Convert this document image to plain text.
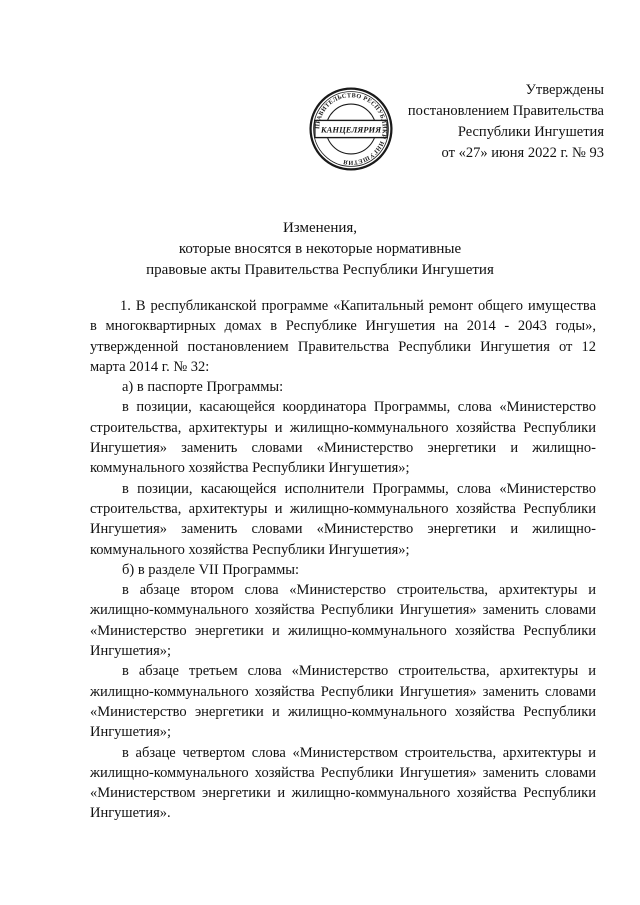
Утверждены
постановлением Правительства
Республики Ингушетия
от «27» июня 2022 г. № 93
ПРАВИТЕЛЬСТВО РЕСПУБЛИКИ ИНГУШЕТИЯ
КАНЦЕЛЯРИЯ
Изменения,
которые вносятся в некоторые нормативные
правовые акты Правительства Республики Ингушетия

1. В республиканской программе «Капитальный ремонт общего имущества в многоквартирных домах в Республике Ингушетия на 2014 - 2043 годы», утвержденной постановлением Правительства Республики Ингушетия от 12 марта 2014 г. № 32:

а) в паспорте Программы:

в позиции, касающейся координатора Программы, слова «Министерство строительства, архитектуры и жилищно-коммунального хозяйства Республики Ингушетия» заменить словами «Министерство энергетики и жилищно-коммунального хозяйства Республики Ингушетия»;

в позиции, касающейся исполнители Программы, слова «Министерство строительства, архитектуры и жилищно-коммунального хозяйства Республики Ингушетия» заменить словами «Министерство энергетики и жилищно-коммунального хозяйства Республики Ингушетия»;

б) в разделе VII Программы:

в абзаце втором слова «Министерство строительства, архитектуры и жилищно-коммунального хозяйства Республики Ингушетия» заменить словами «Министерство энергетики и жилищно-коммунального хозяйства Республики Ингушетия»;

в абзаце третьем слова «Министерство строительства, архитектуры и жилищно-коммунального хозяйства Республики Ингушетия» заменить словами «Министерство энергетики и жилищно-коммунального хозяйства Республики Ингушетия»;

в абзаце четвертом слова «Министерством строительства, архитектуры и жилищно-коммунального хозяйства Республики Ингушетия» заменить словами «Министерством энергетики и жилищно-коммунального хозяйства Республики Ингушетия».
